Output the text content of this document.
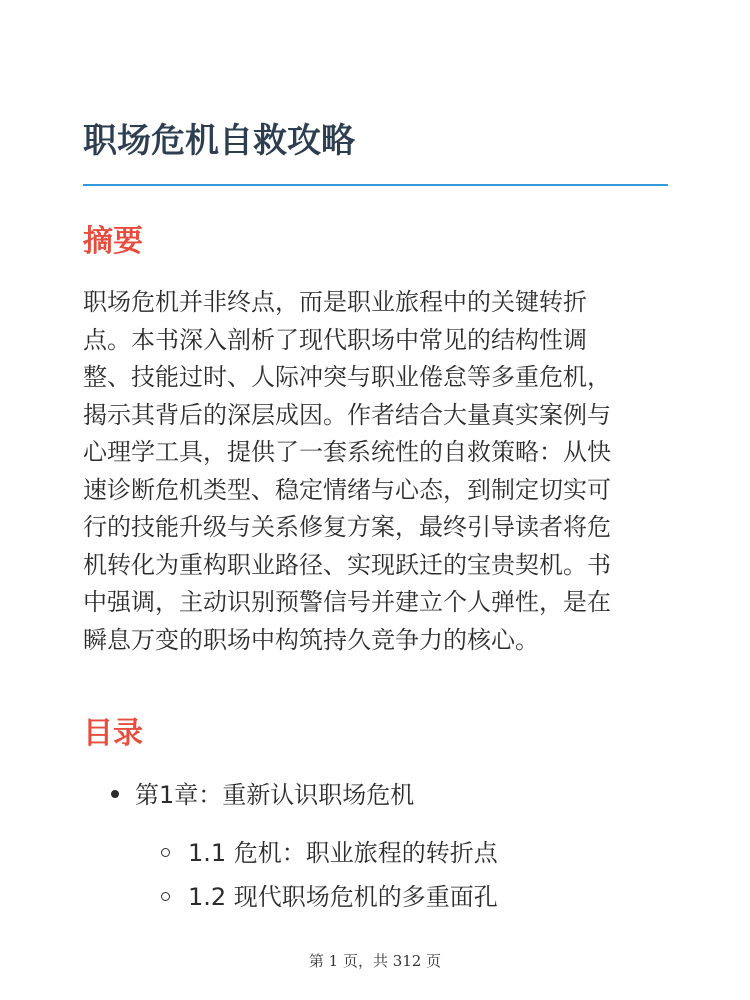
职场危机自救攻略
摘要

职场危机并非终点，而是职业旅程中的关键转折
点。本书深入剖析了现代职场中常见的结构性调
整、技能过时、人际冲突与职业倦怠等多重危机，
揭示其背后的深层成因。作者结合大量真实案例与
心理学工具，提供了一套系统性的自救策略：从快
速诊断危机类型、稳定情绪与心态，到制定切实可
行的技能升级与关系修复方案，最终引导读者将危
机转化为重构职业路径、实现跃迁的宝贵契机。书
中强调，主动识别预警信号并建立个人弹性，是在
瞬息万变的职场中构筑持久竞争力的核心。

目录
第1章：重新认识职场危机
1.1 危机：职业旅程的转折点
1.2 现代职场危机的多重面孔
第 1 页，共 312 页
